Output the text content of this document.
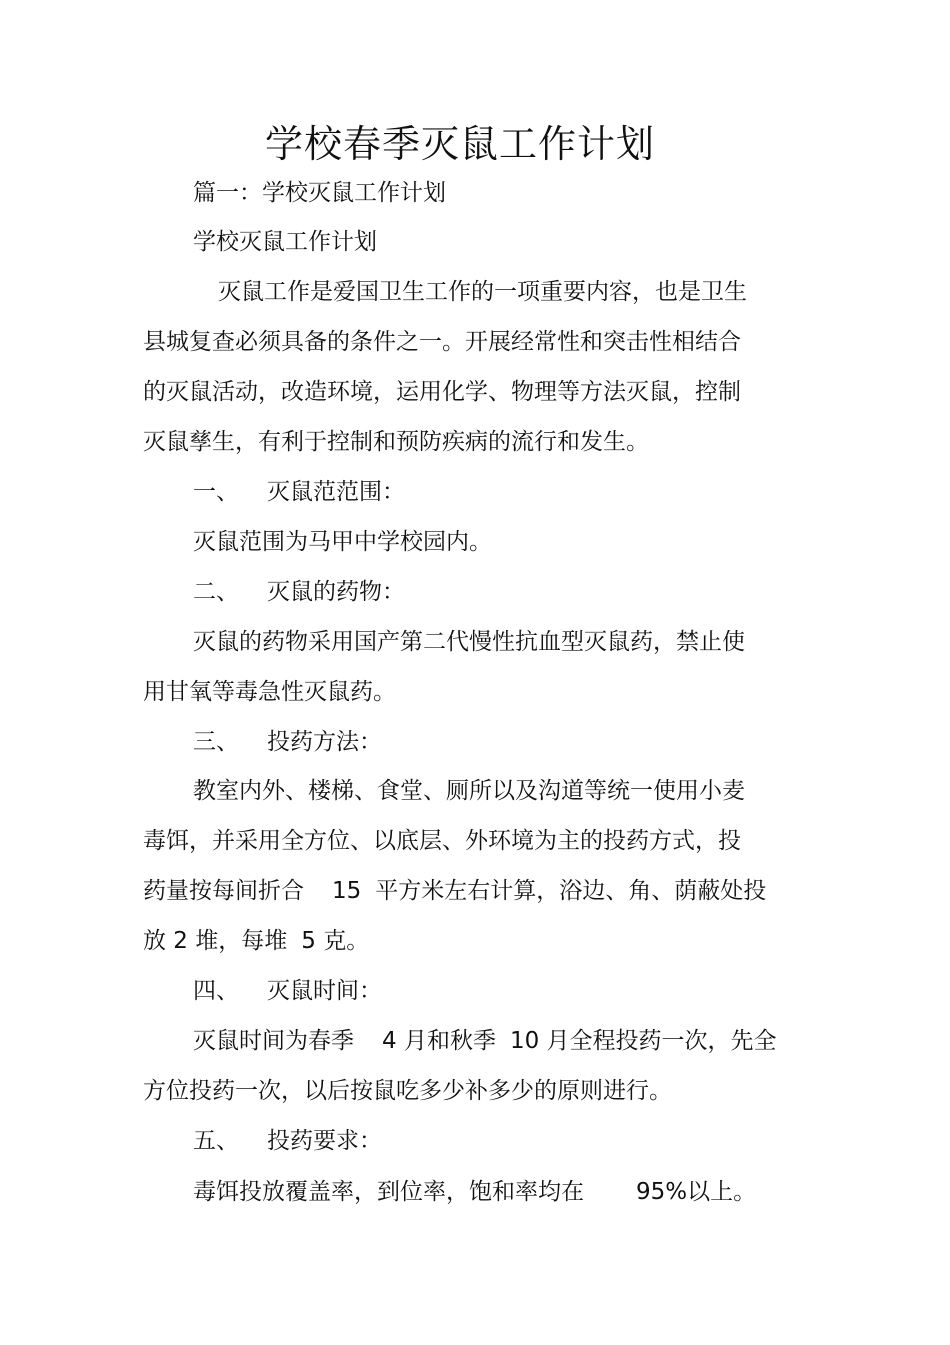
学校春季灭鼠工作计划
篇一：学校灭鼠工作计划
学校灭鼠工作计划
灭鼠工作是爱国卫生工作的一项重要内容，也是卫生
县城复查必须具备的条件之一。开展经常性和突击性相结合
的灭鼠活动，改造环境，运用化学、物理等方法灭鼠，控制
灭鼠孳生，有利于控制和预防疾病的流行和发生。
一、 灭鼠范范围：
灭鼠范围为马甲中学校园内。
二、 灭鼠的药物：
灭鼠的药物采用国产第二代慢性抗血型灭鼠药，禁止使
用甘氧等毒急性灭鼠药。
三、 投药方法：
教室内外、楼梯、食堂、厕所以及沟道等统一使用小麦
毒饵，并采用全方位、以底层、外环境为主的投药方式，投
药量按每间折合 15 平方米左右计算，浴边、角、荫蔽处投
放 2 堆，每堆 5 克。
四、 灭鼠时间：
灭鼠时间为春季 4 月和秋季 10 月全程投药一次，先全
方位投药一次，以后按鼠吃多少补多少的原则进行。
五、 投药要求：
毒饵投放覆盖率，到位率，饱和率均在 95%以上。
